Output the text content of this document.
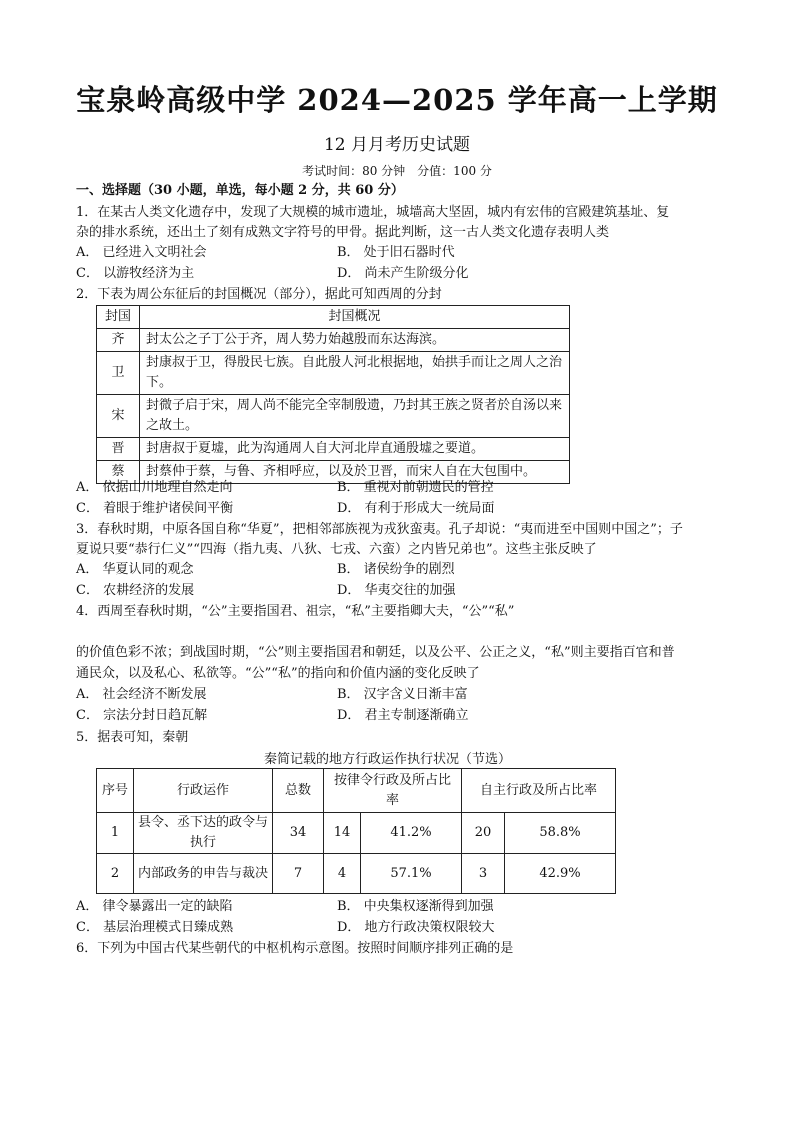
宝泉岭高级中学 2024—2025 学年高一上学期
12 月月考历史试题
考试时间：80 分钟　分值：100 分
一、选择题（30 小题，单选，每小题 2 分，共 60 分）
1．在某古人类文化遗存中，发现了大规模的城市遗址，城墙高大坚固，城内有宏伟的宫殿建筑基址、复
杂的排水系统，还出土了刻有成熟文字符号的甲骨。据此判断，这一古人类文化遗存表明人类
A． 已经进入文明社会	B． 处于旧石器时代
C． 以游牧经济为主	D． 尚未产生阶级分化
2．下表为周公东征后的封国概况（部分），据此可知西周的分封
封国	封国概况
齐	封太公之子丁公于齐，周人势力始越殷而东达海滨。
卫	封康叔于卫，得殷民七族。自此殷人河北根据地，始拱手而让之周人之治下。
宋	封微子启于宋，周人尚不能完全宰制殷遗，乃封其王族之贤者於自汤以来之故土。
晋	封唐叔于夏墟，此为沟通周人自大河北岸直通殷墟之要道。
蔡	封蔡仲于蔡，与鲁、齐相呼应，以及於卫晋，而宋人自在大包围中。
A． 依据山川地理自然走向	B． 重视对前朝遗民的管控
C． 着眼于维护诸侯间平衡	D． 有利于形成大一统局面
3．春秋时期，中原各国自称“华夏”，把相邻部族视为戎狄蛮夷。孔子却说：“夷而进至中国则中国之”；子
夏说只要“恭行仁义”“四海（指九夷、八狄、七戎、六蛮）之内皆兄弟也”。这些主张反映了
A． 华夏认同的观念	B． 诸侯纷争的剧烈
C． 农耕经济的发展	D． 华夷交往的加强
4．西周至春秋时期，“公”主要指国君、祖宗，“私”主要指卿大夫，“公”“私”
的价值色彩不浓；到战国时期，“公”则主要指国君和朝廷，以及公平、公正之义，“私”则主要指百官和普
通民众，以及私心、私欲等。“公”“私”的指向和价值内涵的变化反映了
A． 社会经济不断发展	B． 汉字含义日渐丰富
C． 宗法分封日趋瓦解	D． 君主专制逐渐确立
5．据表可知，秦朝
秦简记载的地方行政运作执行状况（节选）
序号	行政运作	总数	按律令行政及所占比率		自主行政及所占比率	
1	县令、丞下达的政令与执行	34	14	41.2%	20	58.8%
2	内部政务的申告与裁决	7	4	57.1%	3	42.9%
A． 律令暴露出一定的缺陷	B． 中央集权逐渐得到加强
C． 基层治理模式日臻成熟	D． 地方行政决策权限较大
6．下列为中国古代某些朝代的中枢机构示意图。按照时间顺序排列正确的是
